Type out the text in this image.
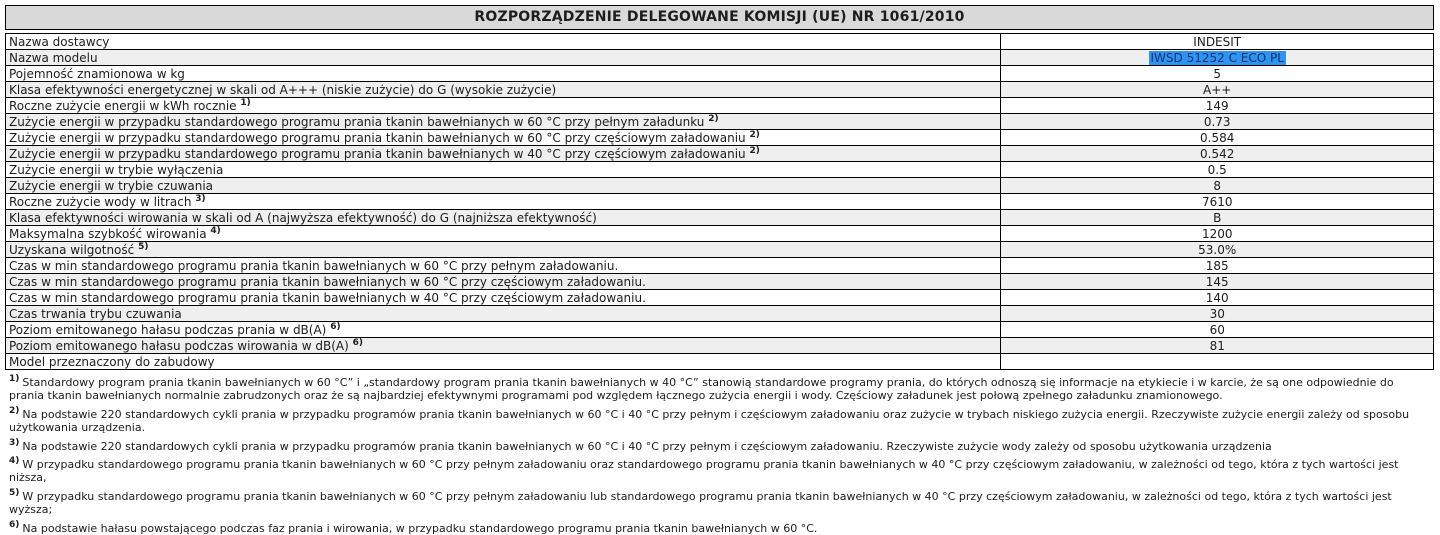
ROZPORZĄDZENIE DELEGOWANE KOMISJI (UE) NR 1061/2010
Nazwa dostawcy	INDESIT
Nazwa modelu	IWSD 51252 C ECO PL
Pojemność znamionowa w kg	5
Klasa efektywności energetycznej w skali od A+++ (niskie zużycie) do G (wysokie zużycie)	A++
Roczne zużycie energii w kWh rocznie $^{1)}$	149
Zużycie energii w przypadku standardowego programu prania tkanin bawełnianych w 60 °C przy pełnym załadunku $^{2)}$	0.73
Zużycie energii w przypadku standardowego programu prania tkanin bawełnianych w 60 °C przy częściowym załadowaniu $^{2)}$	0.584
Zużycie energii w przypadku standardowego programu prania tkanin bawełnianych w 40 °C przy częściowym załadowaniu $^{2)}$	0.542
Zużycie energii w trybie wyłączenia	0.5
Zużycie energii w trybie czuwania	8
Roczne zużycie wody w litrach $^{3)}$	7610
Klasa efektywności wirowania w skali od A (najwyższa efektywność) do G (najniższa efektywność)	B
Maksymalna szybkość wirowania $^{4)}$	1200
Uzyskana wilgotność $^{5)}$	53.0%
Czas w min standardowego programu prania tkanin bawełnianych w 60 °C przy pełnym załadowaniu.	185
Czas w min standardowego programu prania tkanin bawełnianych w 60 °C przy częściowym załadowaniu.	145
Czas w min standardowego programu prania tkanin bawełnianych w 40 °C przy częściowym załadowaniu.	140
Czas trwania trybu czuwania	30
Poziom emitowanego hałasu podczas prania w dB(A) $^{6)}$	60
Poziom emitowanego hałasu podczas wirowania w dB(A) $^{6)}$	81
Model przeznaczony do zabudowy	
$^{1)}$ Standardowy program prania tkanin bawełnianych w 60 °C” i „standardowy program prania tkanin bawełnianych w 40 °C” stanowią standardowe programy prania, do których odnoszą się informacje na etykiecie i w karcie, że są one odpowiednie do prania tkanin bawełnianych normalnie zabrudzonych oraz że są najbardziej efektywnymi programami pod względem łącznego zużycia energii i wody. Częściowy załadunek jest połową zpełnego załadunku znamionowego.
$^{2)}$ Na podstawie 220 standardowych cykli prania w przypadku programów prania tkanin bawełnianych w 60 °C i 40 °C przy pełnym i częściowym załadowaniu oraz zużycie w trybach niskiego zużycia energii. Rzeczywiste zużycie energii zależy od sposobu użytkowania urządzenia.
$^{3)}$ Na podstawie 220 standardowych cykli prania w przypadku programów prania tkanin bawełnianych w 60 °C i 40 °C przy pełnym i częściowym załadowaniu. Rzeczywiste zużycie wody zależy od sposobu użytkowania urządzenia
$^{4)}$ W przypadku standardowego programu prania tkanin bawełnianych w 60 °C przy pełnym załadowaniu oraz standardowego programu prania tkanin bawełnianych w 40 °C przy częściowym załadowaniu, w zależności od tego, która z tych wartości jest niższa,
$^{5)}$ W przypadku standardowego programu prania tkanin bawełnianych w 60 °C przy pełnym załadowaniu lub standardowego programu prania tkanin bawełnianych w 40 °C przy częściowym załadowaniu, w zależności od tego, która z tych wartości jest wyższa;
$^{6)}$ Na podstawie hałasu powstającego podczas faz prania i wirowania, w przypadku standardowego programu prania tkanin bawełnianych w 60 °C.
